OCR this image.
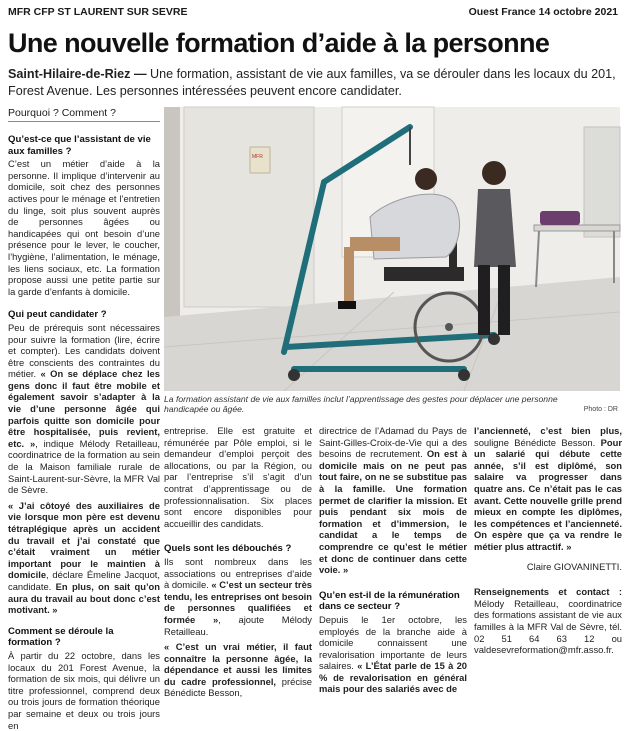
MFR CFP ST LAURENT SUR SEVRE	Ouest France 14 octobre 2021
Une nouvelle formation d’aide à la personne
Saint-Hilaire-de-Riez — Une formation, assistant de vie aux familles, va se dérouler dans les locaux du 201, Forest Avenue. Les personnes intéressées peuvent encore candidater.
Pourquoi ? Comment ?
Qu’est-ce que l’assistant de vie aux familles ?

C’est un métier d’aide à la personne. Il implique d’intervenir au domicile, soit chez des personnes actives pour le ménage et l’entretien du linge, soit plus souvent auprès de personnes âgées ou handicapées qui ont besoin d’une présence pour le lever, le coucher, l’hygiène, l’alimentation, le ménage, les liens sociaux, etc. La formation propose aussi une petite partie sur la garde d’enfants à domicile.

Qui peut candidater ?

Peu de prérequis sont nécessaires pour suivre la formation (lire, écrire et compter). Les candidats doivent être conscients des contraintes du métier. « On se déplace chez les gens donc il faut être mobile et également savoir s’adapter à la vie d’une personne âgée qui parfois quitte son domicile pour être hospitalisée, puis revient, etc. », indique Mélody Retailleau, coordinatrice de la formation au sein de la Maison familiale rurale de Saint-Laurent-sur-Sèvre, la MFR Val de Sèvre.

« J’ai côtoyé des auxiliaires de vie lorsque mon père est devenu tétraplégique après un accident du travail et j’ai constaté que c’était vraiment un métier important pour le maintien à domicile, déclare Émeline Jacquot, candidate. En plus, on sait qu’on aura du travail au bout donc c’est motivant. »

Comment se déroule la formation ?

À partir du 22 octobre, dans les locaux du 201 Forest Avenue, la formation de six mois, qui délivre un titre professionnel, comprend deux ou trois jours de formation théorique par semaine et deux ou trois jours en

MFR
La formation assistant de vie aux familles inclut l’apprentissage des gestes pour déplacer une personne handicapée ou âgée.	Photo : DR

entreprise. Elle est gratuite et rémunérée par Pôle emploi, si le demandeur d’emploi perçoit des allocations, ou par la Région, ou par l’entreprise s’il s’agit d’un contrat d’apprentissage ou de professionnalisation. Six places sont encore disponibles pour accueillir des candidats.

Quels sont les débouchés ?

Ils sont nombreux dans les associations ou entreprises d’aide à domicile. « C’est un secteur très tendu, les entreprises ont besoin de personnes qualifiées et formée », ajoute Mélody Retailleau.

« C’est un vrai métier, il faut connaître la personne âgée, la dépendance et aussi les limites du cadre professionnel, précise Bénédicte Besson,

directrice de l’Adamad du Pays de Saint-Gilles-Croix-de-Vie qui a des besoins de recrutement. On est à domicile mais on ne peut pas tout faire, on ne se substitue pas à la famille. Une formation permet de clarifier la mission. Et puis pendant six mois de formation et d’immersion, le candidat a le temps de comprendre ce qu’est le métier et donc de continuer dans cette voie. »

Qu’en est-il de la rémunération dans ce secteur ?

Depuis le 1er octobre, les employés de la branche aide à domicile connaissent une revalorisation importante de leurs salaires. « L’État parle de 15 à 20 % de revalorisation en général mais pour des salariés avec de

l’ancienneté, c’est bien plus, souligne Bénédicte Besson. Pour un salarié qui débute cette année, s’il est diplômé, son salaire va progresser dans quatre ans. Ce n’était pas le cas avant. Cette nouvelle grille prend mieux en compte les diplômes, les compétences et l’ancienneté. On espère que ça va rendre le métier plus attractif. »

Claire GIOVANINETTI.

Renseignements et contact : Mélody Retailleau, coordinatrice des formations assistant de vie aux familles à la MFR Val de Sèvre, tél. 02 51 64 63 12 ou valdesevreformation@mfr.asso.fr.
